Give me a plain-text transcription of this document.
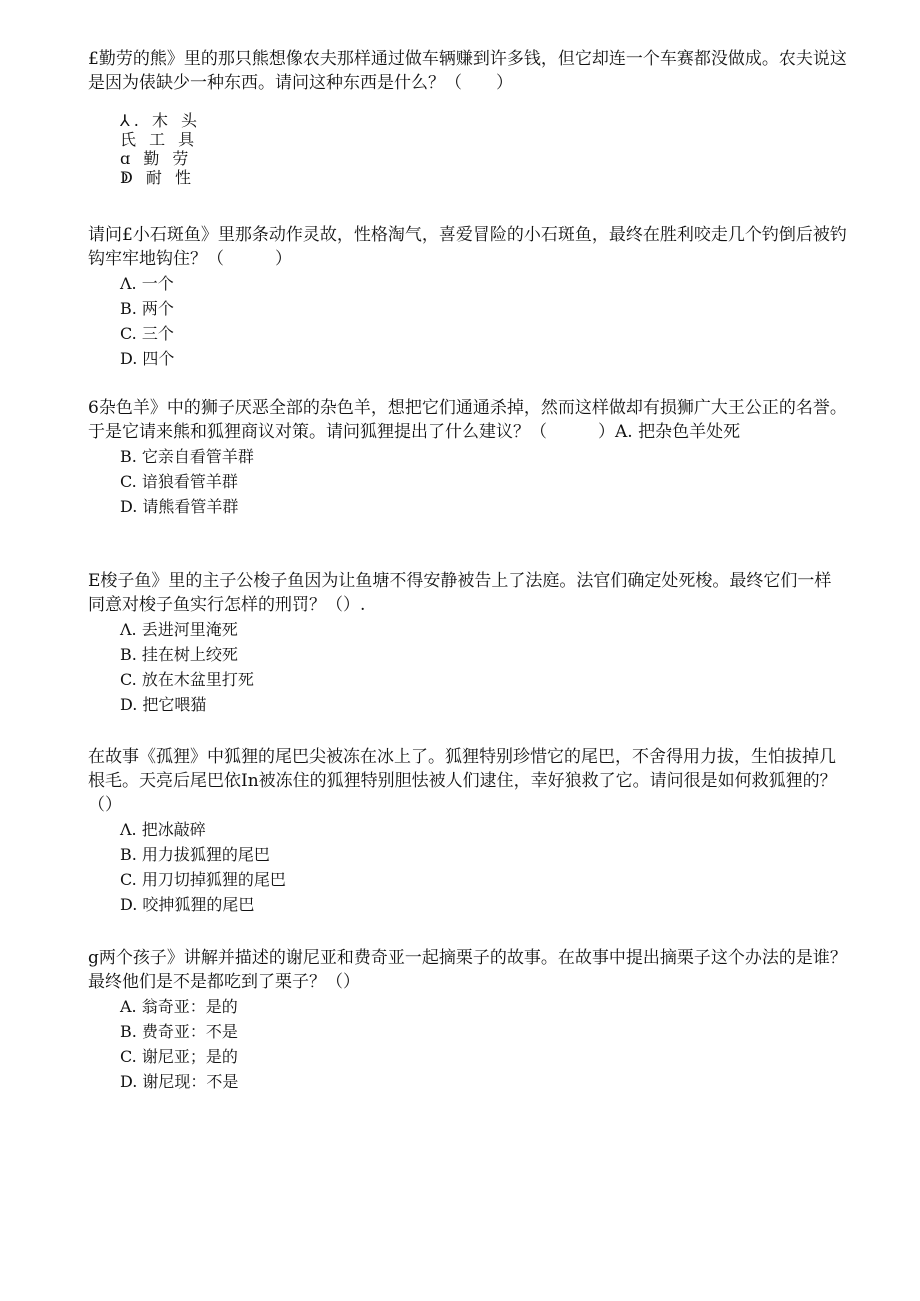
£勤劳的熊》里的那只熊想像农夫那样通过做车辆赚到许多钱，但它却连一个车赛都没做成。农夫说这是因为俵缺少一种东西。请问这种东西是什么？（　　）

⅄. 木 头
氏 工 具
ɑ 勤 劳
ↁ 耐 性

请问£小石斑鱼》里那条动作灵故，性格淘气，喜爱冒险的小石斑鱼，最终在胜利咬走几个钓倒后被钓钩牢牢地钩住？（　　　）

Λ. 一个
B. 两个
C. 三个
D. 四个

6杂色羊》中的狮子厌恶全部的杂色羊，想把它们通通杀掉，然而这样做却有损狮广大王公正的名誉。于是它请来熊和狐狸商议对策。请问狐狸提出了什么建议？（　　　）A. 把杂色羊处死

B. 它亲自看管羊群
C. 谙狼看管羊群
D. 请熊看管羊群

E梭子鱼》里的主子公梭子鱼因为让鱼塘不得安静被告上了法庭。法官们确定处死梭。最终它们一样同意对梭子鱼实行怎样的刑罚？（）.

Λ. 丢进河里淹死
B. 挂在树上绞死
C. 放在木盆里打死
D. 把它喂猫

在故事《孤狸》中狐狸的尾巴尖被冻在冰上了。狐狸特别珍惜它的尾巴，不舍得用力拔，生怕拔掉几根毛。天亮后尾巴依In被冻住的狐狸特别胆怯被人们逮住，幸好狼救了它。请问很是如何救狐狸的？（）

Λ. 把冰敲碎
B. 用力拔狐狸的尾巴
C. 用刀切掉狐狸的尾巴
D. 咬抻狐狸的尾巴

g两个孩子》讲解并描述的谢尼亚和费奇亚一起摘栗子的故事。在故事中提出摘栗子这个办法的是谁？最终他们是不是都吃到了栗子？（）

A. 翁奇亚：是的
B. 费奇亚：不是
C. 谢尼亚；是的
D. 谢尼现：不是
